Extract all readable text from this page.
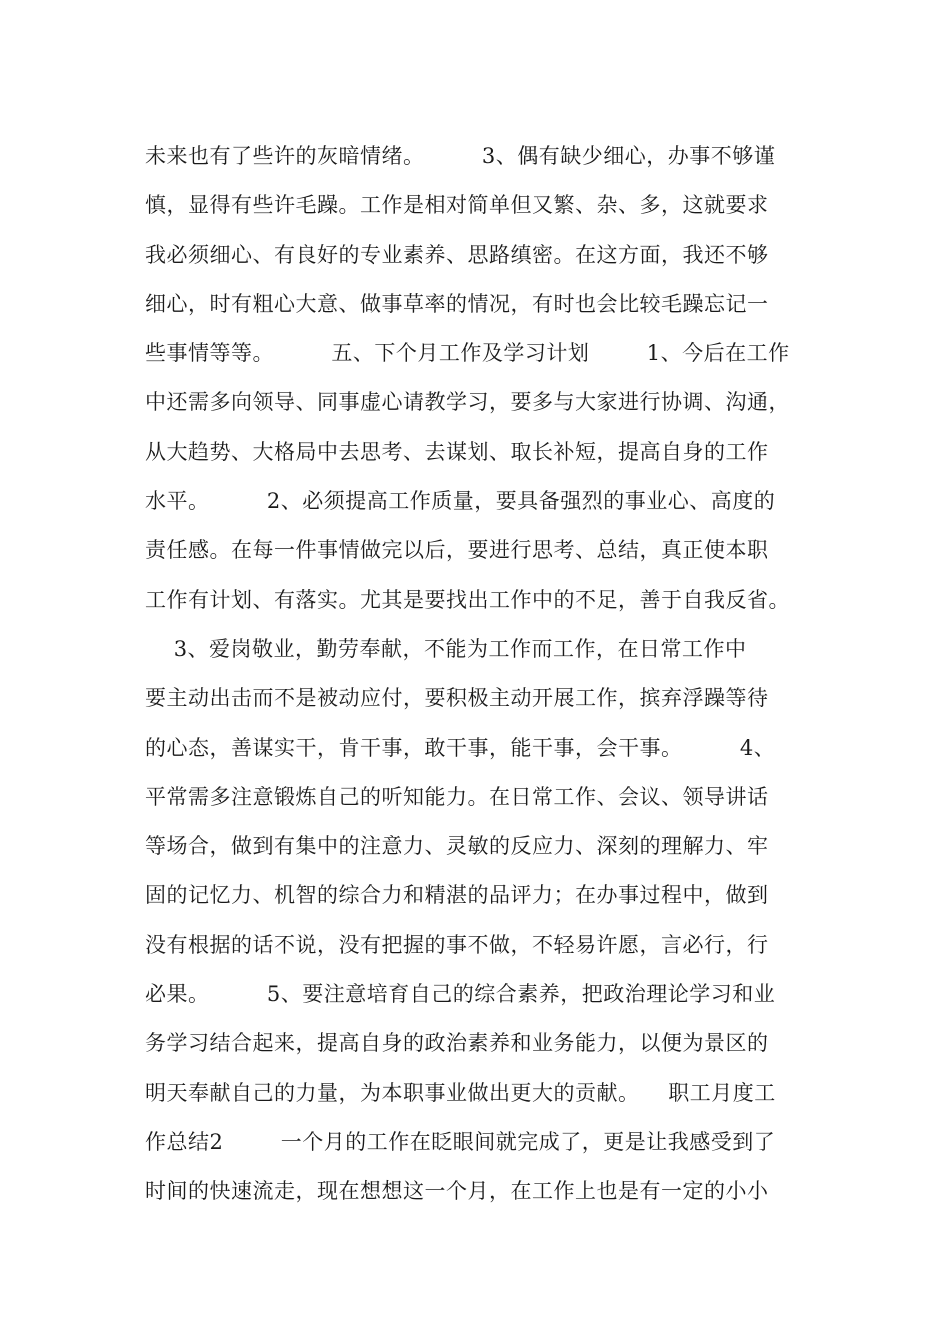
未来也有了些许的灰暗情绪。        3、偶有缺少细心，办事不够谨
慎，显得有些许毛躁。工作是相对简单但又繁、杂、多，这就要求
我必须细心、有良好的专业素养、思路缜密。在这方面，我还不够
细心，时有粗心大意、做事草率的情况，有时也会比较毛躁忘记一
些事情等等。        五、下个月工作及学习计划        1、今后在工作
中还需多向领导、同事虚心请教学习，要多与大家进行协调、沟通，
从大趋势、大格局中去思考、去谋划、取长补短，提高自身的工作
水平。        2、必须提高工作质量，要具备强烈的事业心、高度的
责任感。在每一件事情做完以后，要进行思考、总结，真正使本职
工作有计划、有落实。尤其是要找出工作中的不足，善于自我反省。
3、爱岗敬业，勤劳奉献，不能为工作而工作，在日常工作中
要主动出击而不是被动应付，要积极主动开展工作，摈弃浮躁等待
的心态，善谋实干，肯干事，敢干事，能干事，会干事。        4、
平常需多注意锻炼自己的听知能力。在日常工作、会议、领导讲话
等场合，做到有集中的注意力、灵敏的反应力、深刻的理解力、牢
固的记忆力、机智的综合力和精湛的品评力；在办事过程中，做到
没有根据的话不说，没有把握的事不做，不轻易许愿，言必行，行
必果。        5、要注意培育自己的综合素养，把政治理论学习和业
务学习结合起来，提高自身的政治素养和业务能力，以便为景区的
明天奉献自己的力量，为本职事业做出更大的贡献。    职工月度工
作总结2        一个月的工作在眨眼间就完成了，更是让我感受到了
时间的快速流走，现在想想这一个月，在工作上也是有一定的小小
